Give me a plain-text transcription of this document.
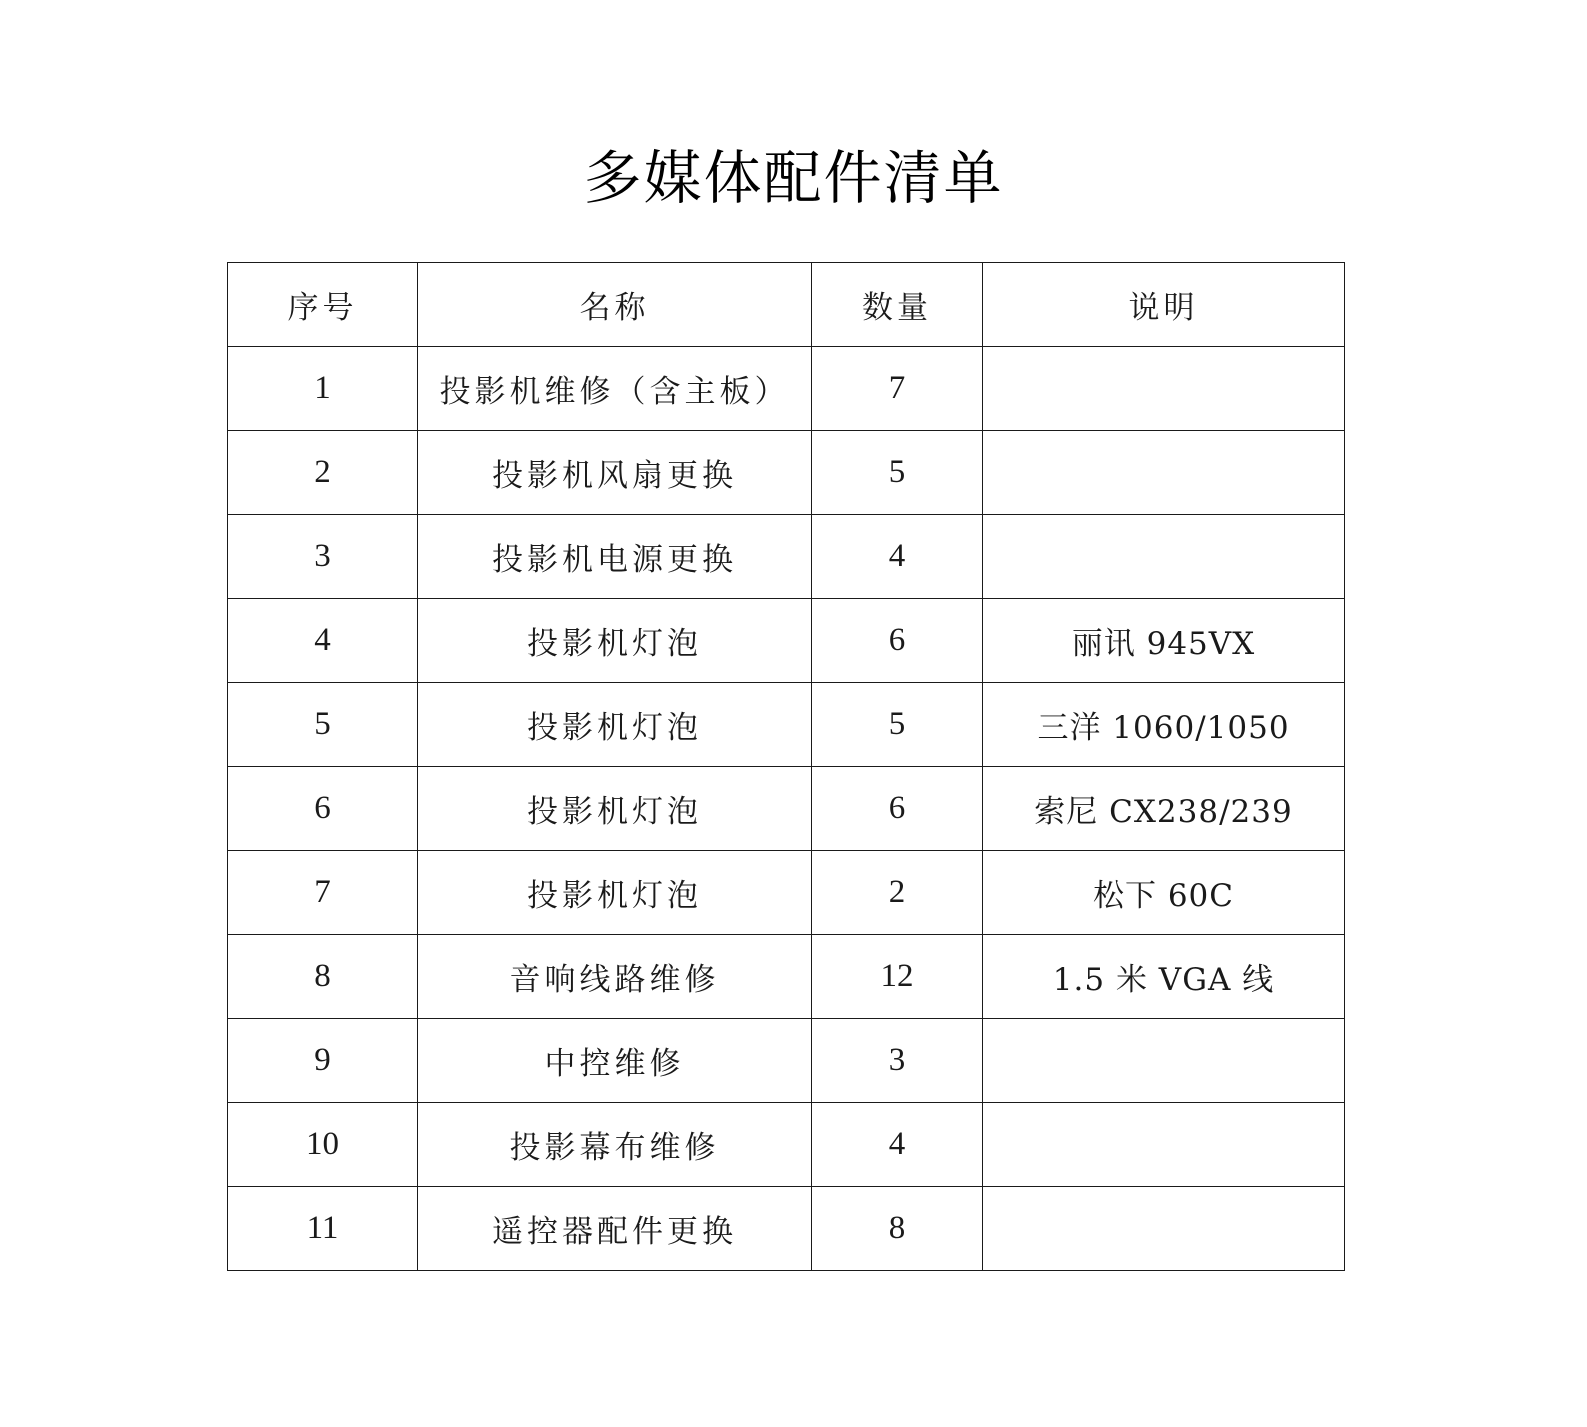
多媒体配件清单
序号	名称	数量	说明
1	投影机维修（含主板）	7	
2	投影机风扇更换	5	
3	投影机电源更换	4	
4	投影机灯泡	6	丽讯 945VX
5	投影机灯泡	5	三洋 1060/1050
6	投影机灯泡	6	索尼 CX238/239
7	投影机灯泡	2	松下 60C
8	音响线路维修	12	1.5 米 VGA 线
9	中控维修	3	
10	投影幕布维修	4	
11	遥控器配件更换	8	
